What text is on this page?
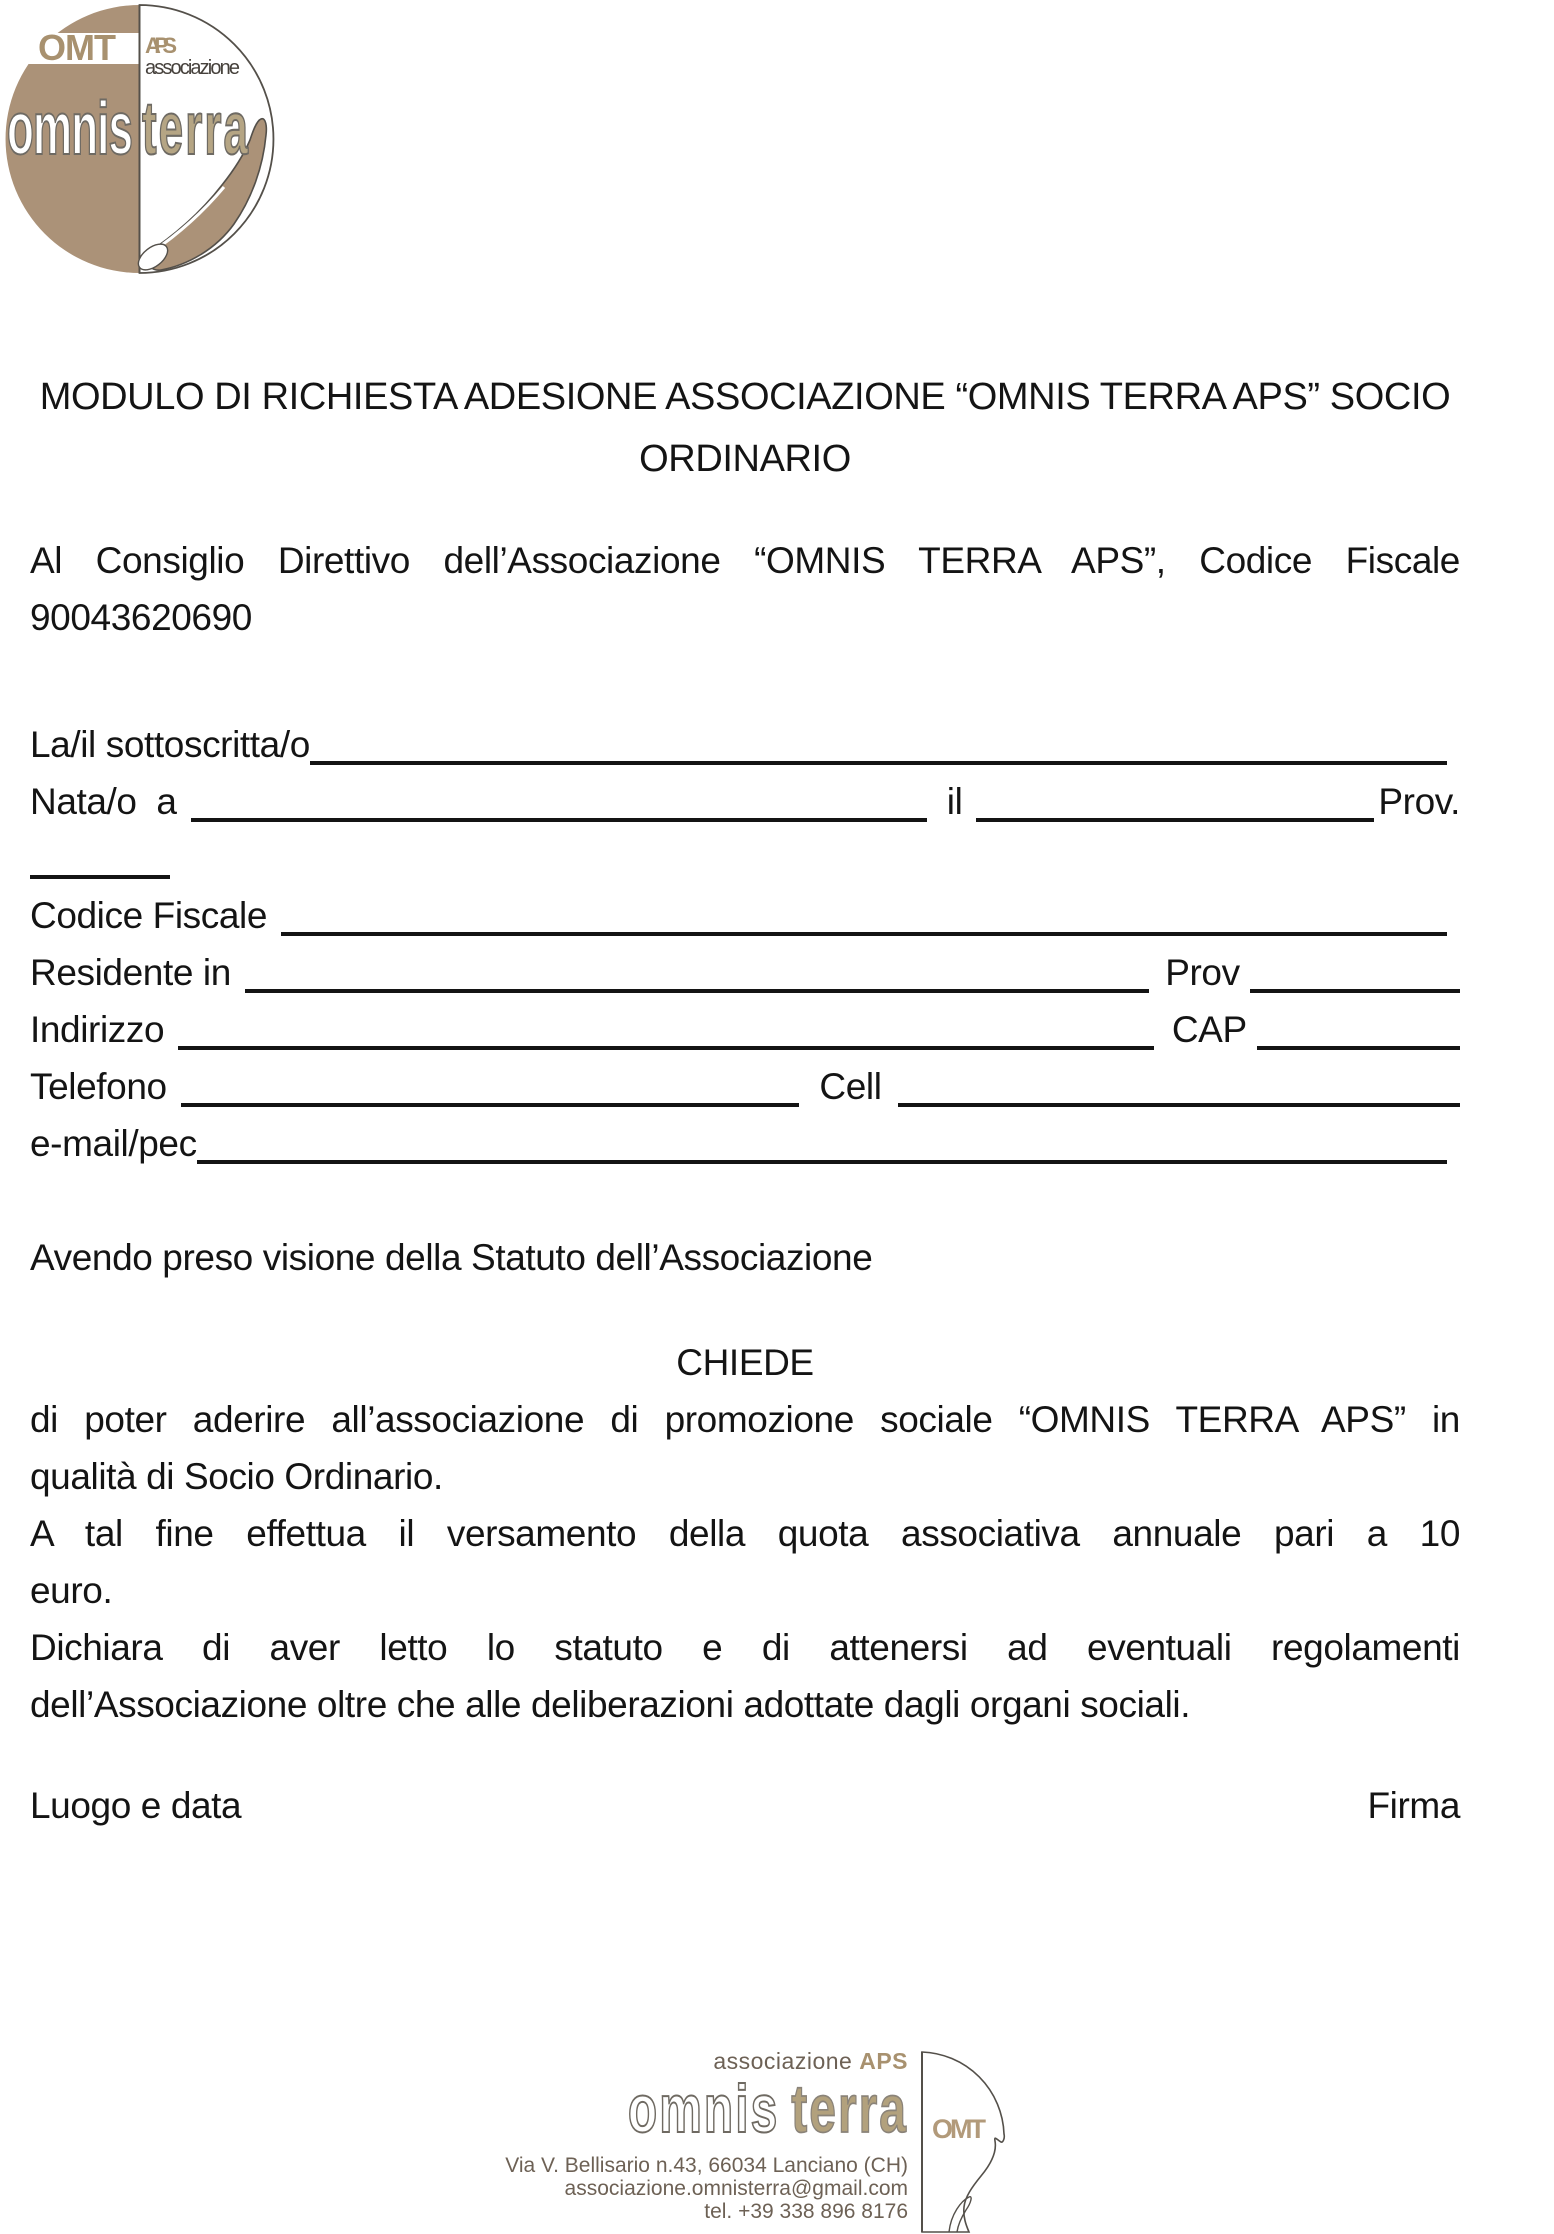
OMT APS
associazione
omnis terra
MODULO DI RICHIESTA ADESIONE ASSOCIAZIONE “OMNIS TERRA APS” SOCIO
ORDINARIO
Al Consiglio Direttivo dell’Associazione “OMNIS TERRA APS”, Codice Fiscale
90043620690
La/il sottoscritta/o
Nata/o  a	il	Prov.
Codice Fiscale
Residente in	Prov
Indirizzo	CAP
Telefono	Cell
e-mail/pec
Avendo preso visione della Statuto dell’Associazione
CHIEDE
di poter aderire all’associazione di promozione sociale “OMNIS TERRA APS” in
qualità di Socio Ordinario.
A tal fine effettua il versamento della quota associativa annuale pari a 10
euro.
Dichiara di aver letto lo statuto e di attenersi ad eventuali regolamenti
dell’Associazione oltre che alle deliberazioni adottate dagli organi sociali.
Luogo e data	Firma
associazione APS
omnis terra
Via V. Bellisario n.43, 66034 Lanciano (CH)
associazione.omnisterra@gmail.com
tel. +39 338 896 8176
OMT
